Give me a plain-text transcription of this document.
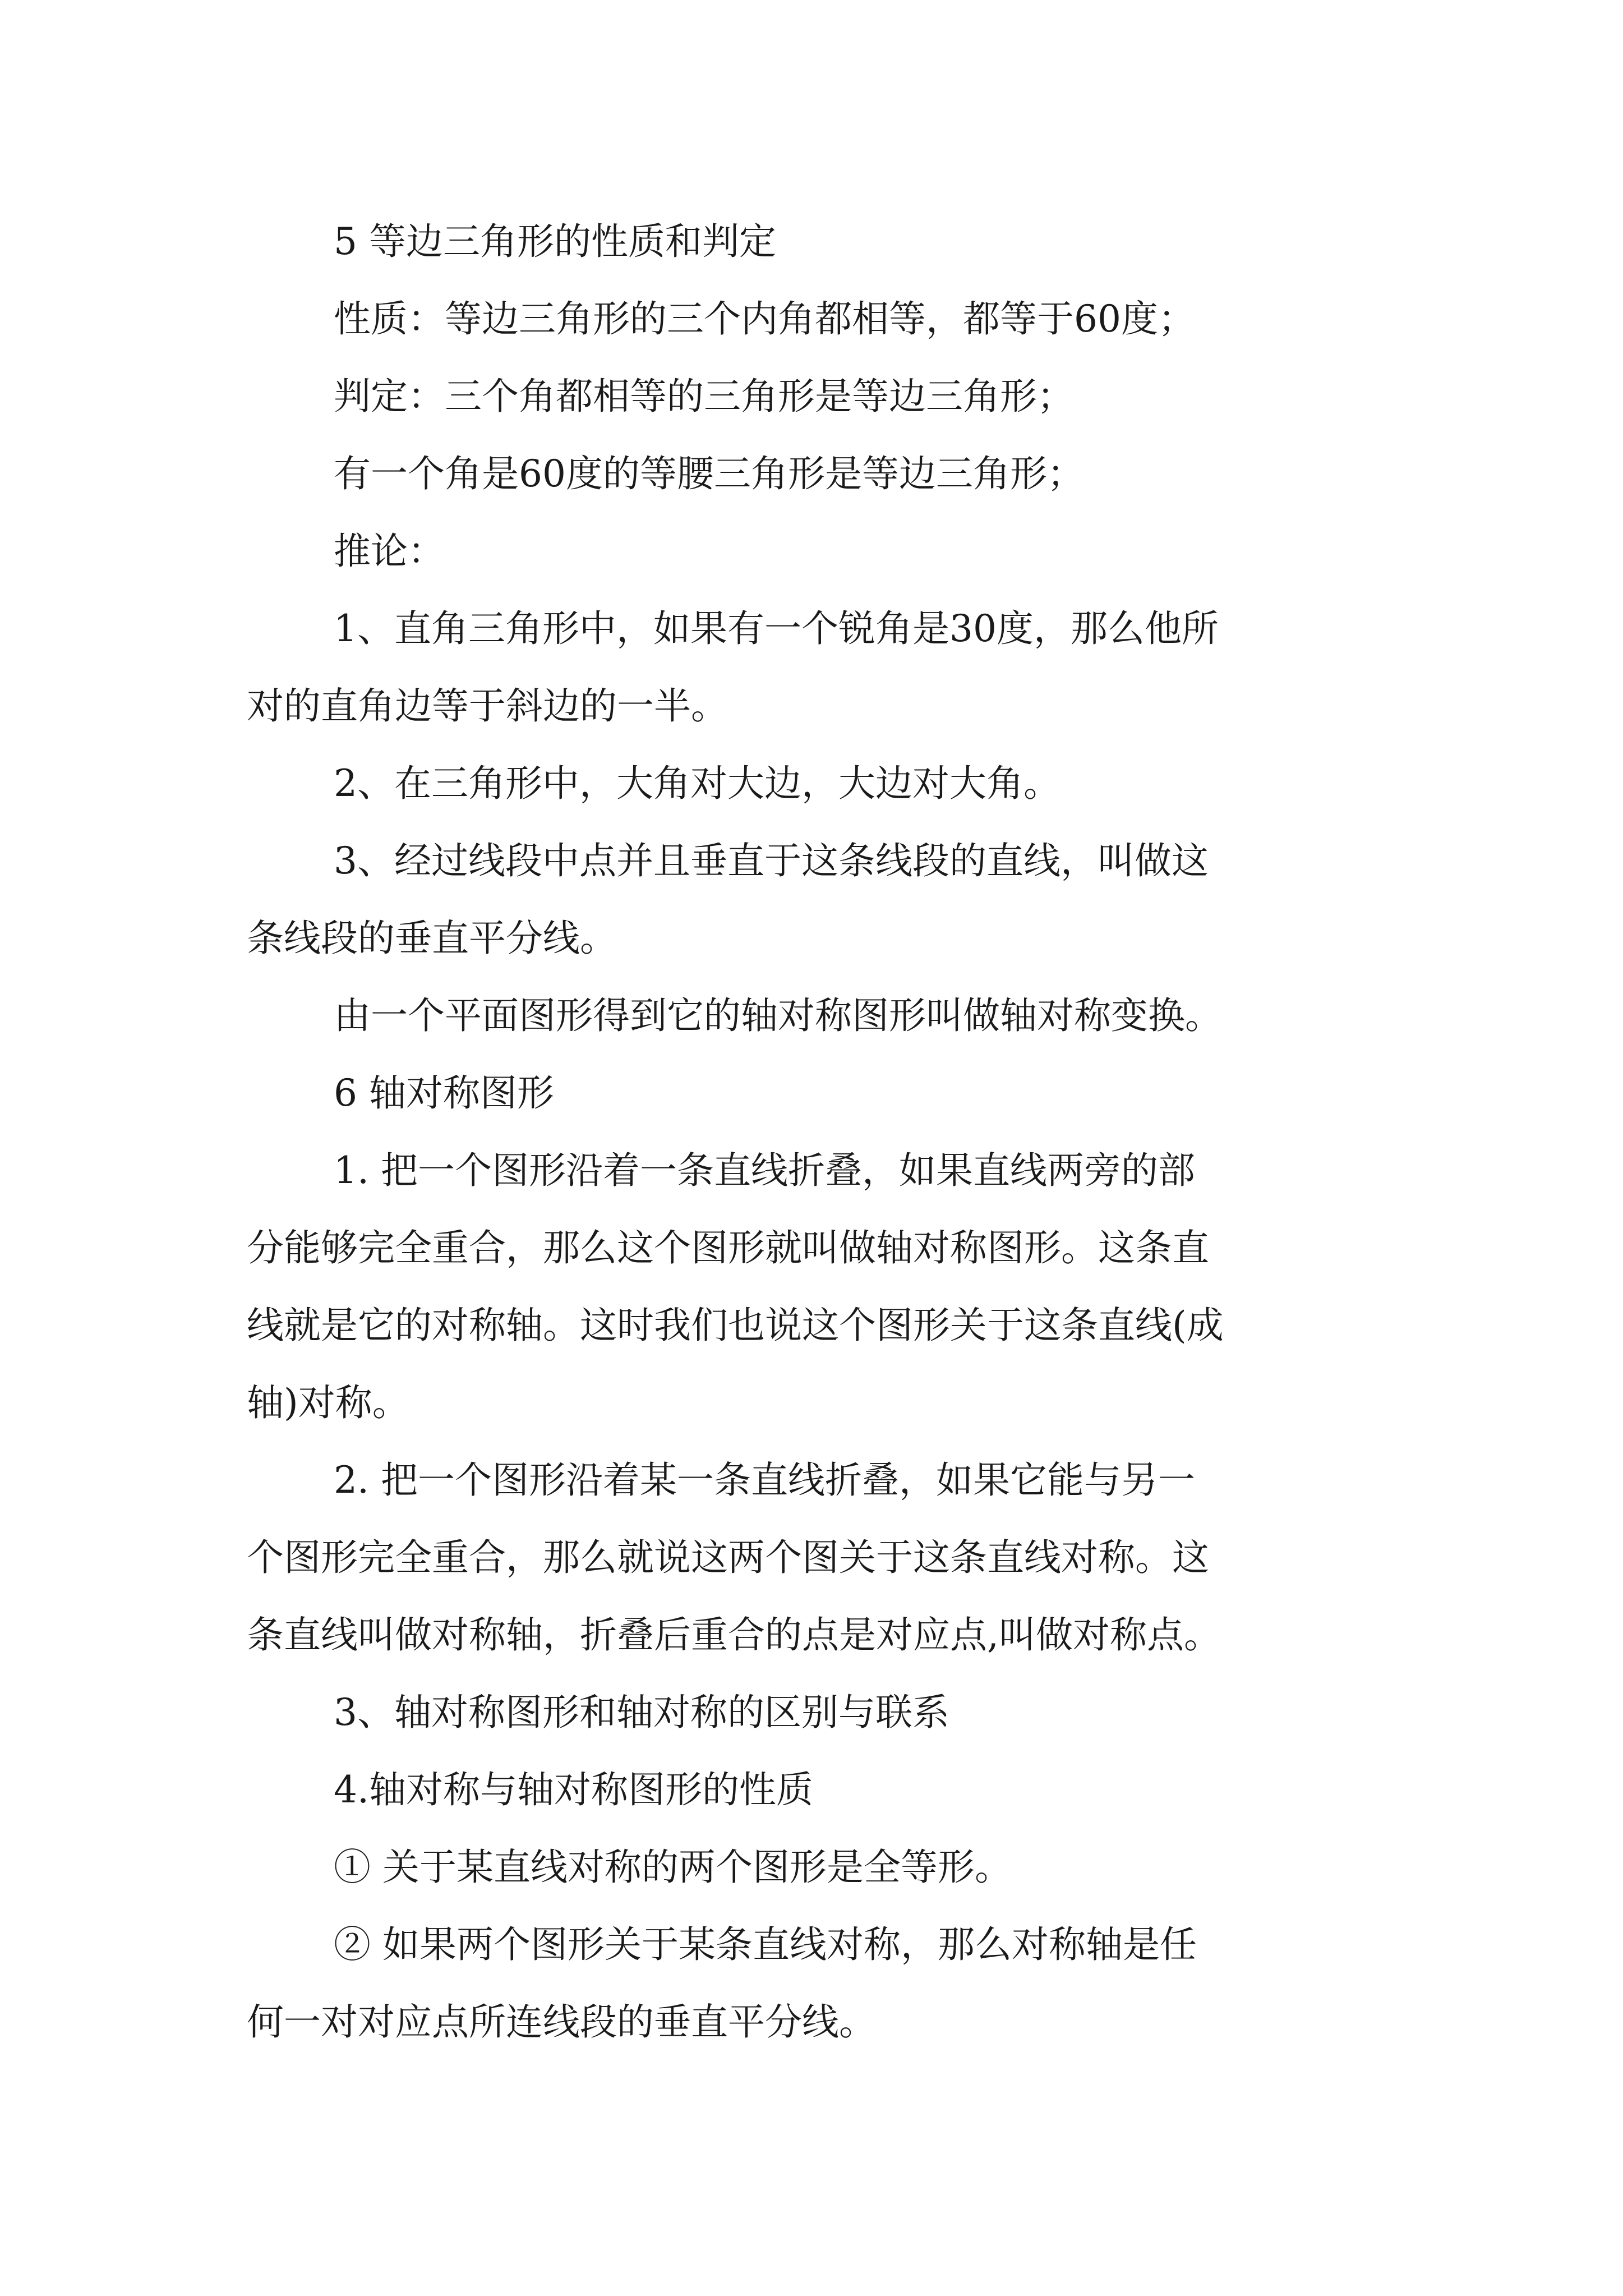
5 等边三角形的性质和判定
性质：等边三角形的三个内角都相等，都等于60度；
判定：三个角都相等的三角形是等边三角形；
有一个角是60度的等腰三角形是等边三角形；
推论：
1、直角三角形中，如果有一个锐角是30度，那么他所
对的直角边等于斜边的一半。
2、在三角形中，大角对大边，大边对大角。
3、经过线段中点并且垂直于这条线段的直线，叫做这
条线段的垂直平分线。
由一个平面图形得到它的轴对称图形叫做轴对称变换。
6 轴对称图形
1. 把一个图形沿着一条直线折叠，如果直线两旁的部
分能够完全重合，那么这个图形就叫做轴对称图形。这条直
线就是它的对称轴。这时我们也说这个图形关于这条直线(成
轴)对称。
2. 把一个图形沿着某一条直线折叠，如果它能与另一
个图形完全重合，那么就说这两个图关于这条直线对称。这
条直线叫做对称轴，折叠后重合的点是对应点,叫做对称点。
3、轴对称图形和轴对称的区别与联系
4.轴对称与轴对称图形的性质
① 关于某直线对称的两个图形是全等形。
② 如果两个图形关于某条直线对称，那么对称轴是任
何一对对应点所连线段的垂直平分线。
